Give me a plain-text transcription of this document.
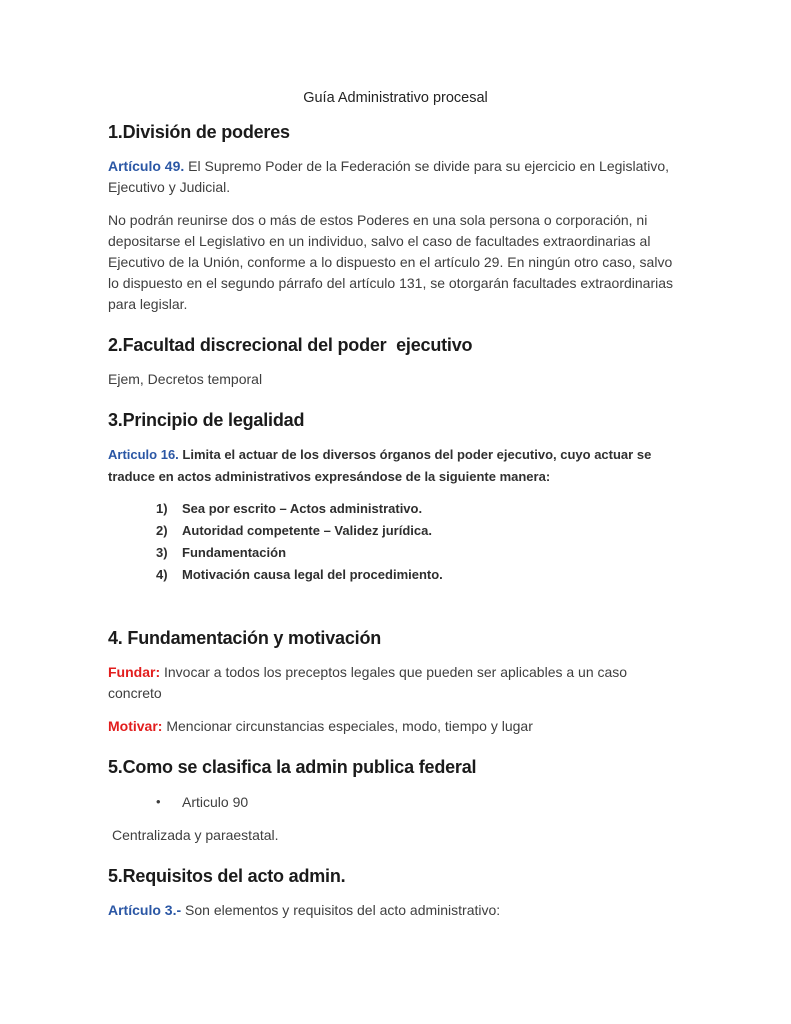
Guía Administrativo procesal
1.División de poderes

Artículo 49. El Supremo Poder de la Federación se divide para su ejercicio en Legislativo, Ejecutivo y Judicial.

No podrán reunirse dos o más de estos Poderes en una sola persona o corporación, ni depositarse el Legislativo en un individuo, salvo el caso de facultades extraordinarias al Ejecutivo de la Unión, conforme a lo dispuesto en el artículo 29. En ningún otro caso, salvo lo dispuesto en el segundo párrafo del artículo 131, se otorgarán facultades extraordinarias para legislar.

2.Facultad discrecional del poder  ejecutivo

Ejem, Decretos temporal

3.Principio de legalidad

Articulo 16. Limita el actuar de los diversos órganos del poder ejecutivo, cuyo actuar se traduce en actos administrativos expresándose de la siguiente manera:

1)	Sea por escrito – Actos administrativo.
2)	Autoridad competente – Validez jurídica.
3)	Fundamentación
4)	Motivación causa legal del procedimiento.
4. Fundamentación y motivación

Fundar: Invocar a todos los preceptos legales que pueden ser aplicables a un caso concreto

Motivar: Mencionar circunstancias especiales, modo, tiempo y lugar

5.Como se clasifica la admin publica federal
•	Articulo 90

Centralizada y paraestatal.

5.Requisitos del acto admin.

Artículo 3.- Son elementos y requisitos del acto administrativo:
